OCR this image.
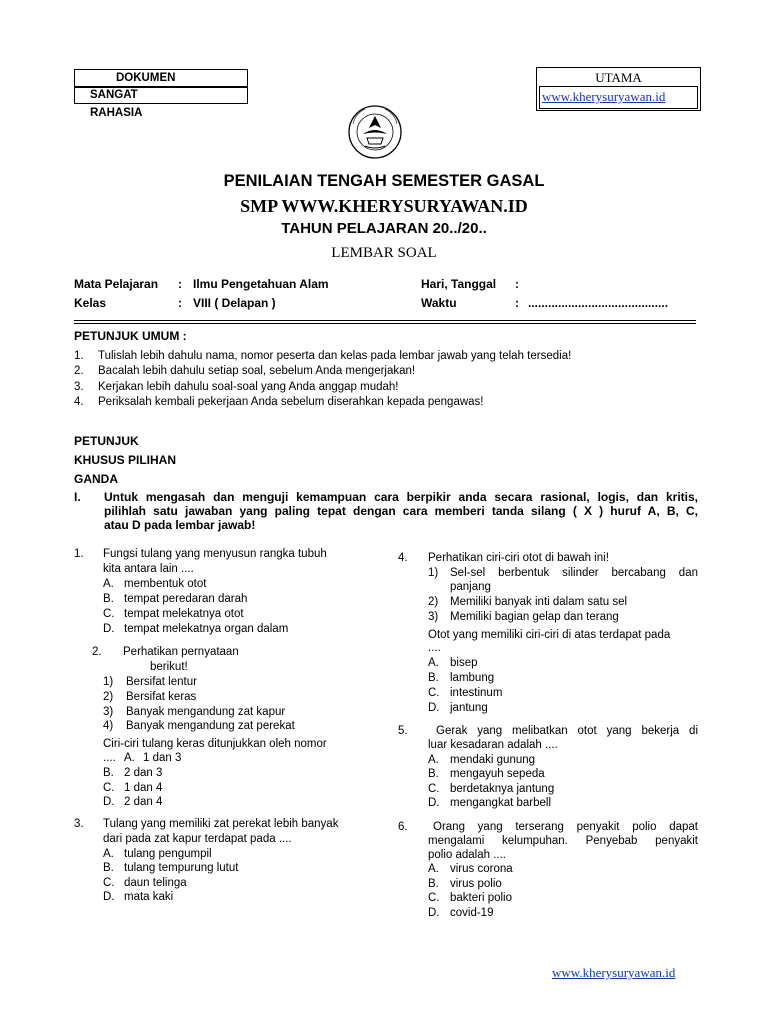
DOKUMEN
SANGAT
RAHASIA
UTAMA
www.kherysuryawan.id
PENILAIAN TENGAH SEMESTER GASAL
SMP WWW.KHERYSURYAWAN.ID
TAHUN PELAJARAN 20../20..
LEMBAR SOAL
Mata Pelajaran : Ilmu Pengetahuan Alam	Hari, Tanggal :
Kelas	: VIII ( Delapan )	Waktu	: ..........................................
PETUNJUK UMUM :
1. Tulislah lebih dahulu nama, nomor peserta dan kelas pada lembar jawab yang telah tersedia!
2. Bacalah lebih dahulu setiap soal, sebelum Anda mengerjakan!
3. Kerjakan lebih dahulu soal-soal yang Anda anggap mudah!
4. Periksalah kembali pekerjaan Anda sebelum diserahkan kepada pengawas!
PETUNJUK
KHUSUS PILIHAN
GANDA
I. Untuk mengasah dan menguji kemampuan cara berpikir anda secara rasional, logis, dan kritis,
pilihlah satu jawaban yang paling tepat dengan cara memberi tanda silang ( X ) huruf A, B, C,
atau D pada lembar jawab!
1. Fungsi tulang yang menyusun rangka tubuh
kita antara lain ....
A. membentuk otot
B. tempat peredaran darah
C. tempat melekatnya otot
D. tempat melekatnya organ dalam
2. Perhatikan pernyataan
berikut!
1) Bersifat lentur
2) Bersifat keras
3) Banyak mengandung zat kapur
4) Banyak mengandung zat perekat
Ciri-ciri tulang keras ditunjukkan oleh nomor
.... A. 1 dan 3
B. 2 dan 3
C. 1 dan 4
D. 2 dan 4
3. Tulang yang memiliki zat perekat lebih banyak
dari pada zat kapur terdapat pada ....
A. tulang pengumpil
B. tulang tempurung lutut
C. daun telinga
D. mata kaki
4. Perhatikan ciri-ciri otot di bawah ini!
1) Sel-sel berbentuk silinder bercabang dan
panjang
2) Memiliki banyak inti dalam satu sel
3) Memiliki bagian gelap dan terang
Otot yang memiliki ciri-ciri di atas terdapat pada
....
A. bisep
B. lambung
C. intestinum
D. jantung
5. Gerak yang melibatkan otot yang bekerja di
luar kesadaran adalah ....
A. mendaki gunung
B. mengayuh sepeda
C. berdetaknya jantung
D. mengangkat barbell
6. Orang yang terserang penyakit polio dapat
mengalami kelumpuhan. Penyebab penyakit
polio adalah ....
A. virus corona
B. virus polio
C. bakteri polio
D. covid-19
www.kherysuryawan.id
